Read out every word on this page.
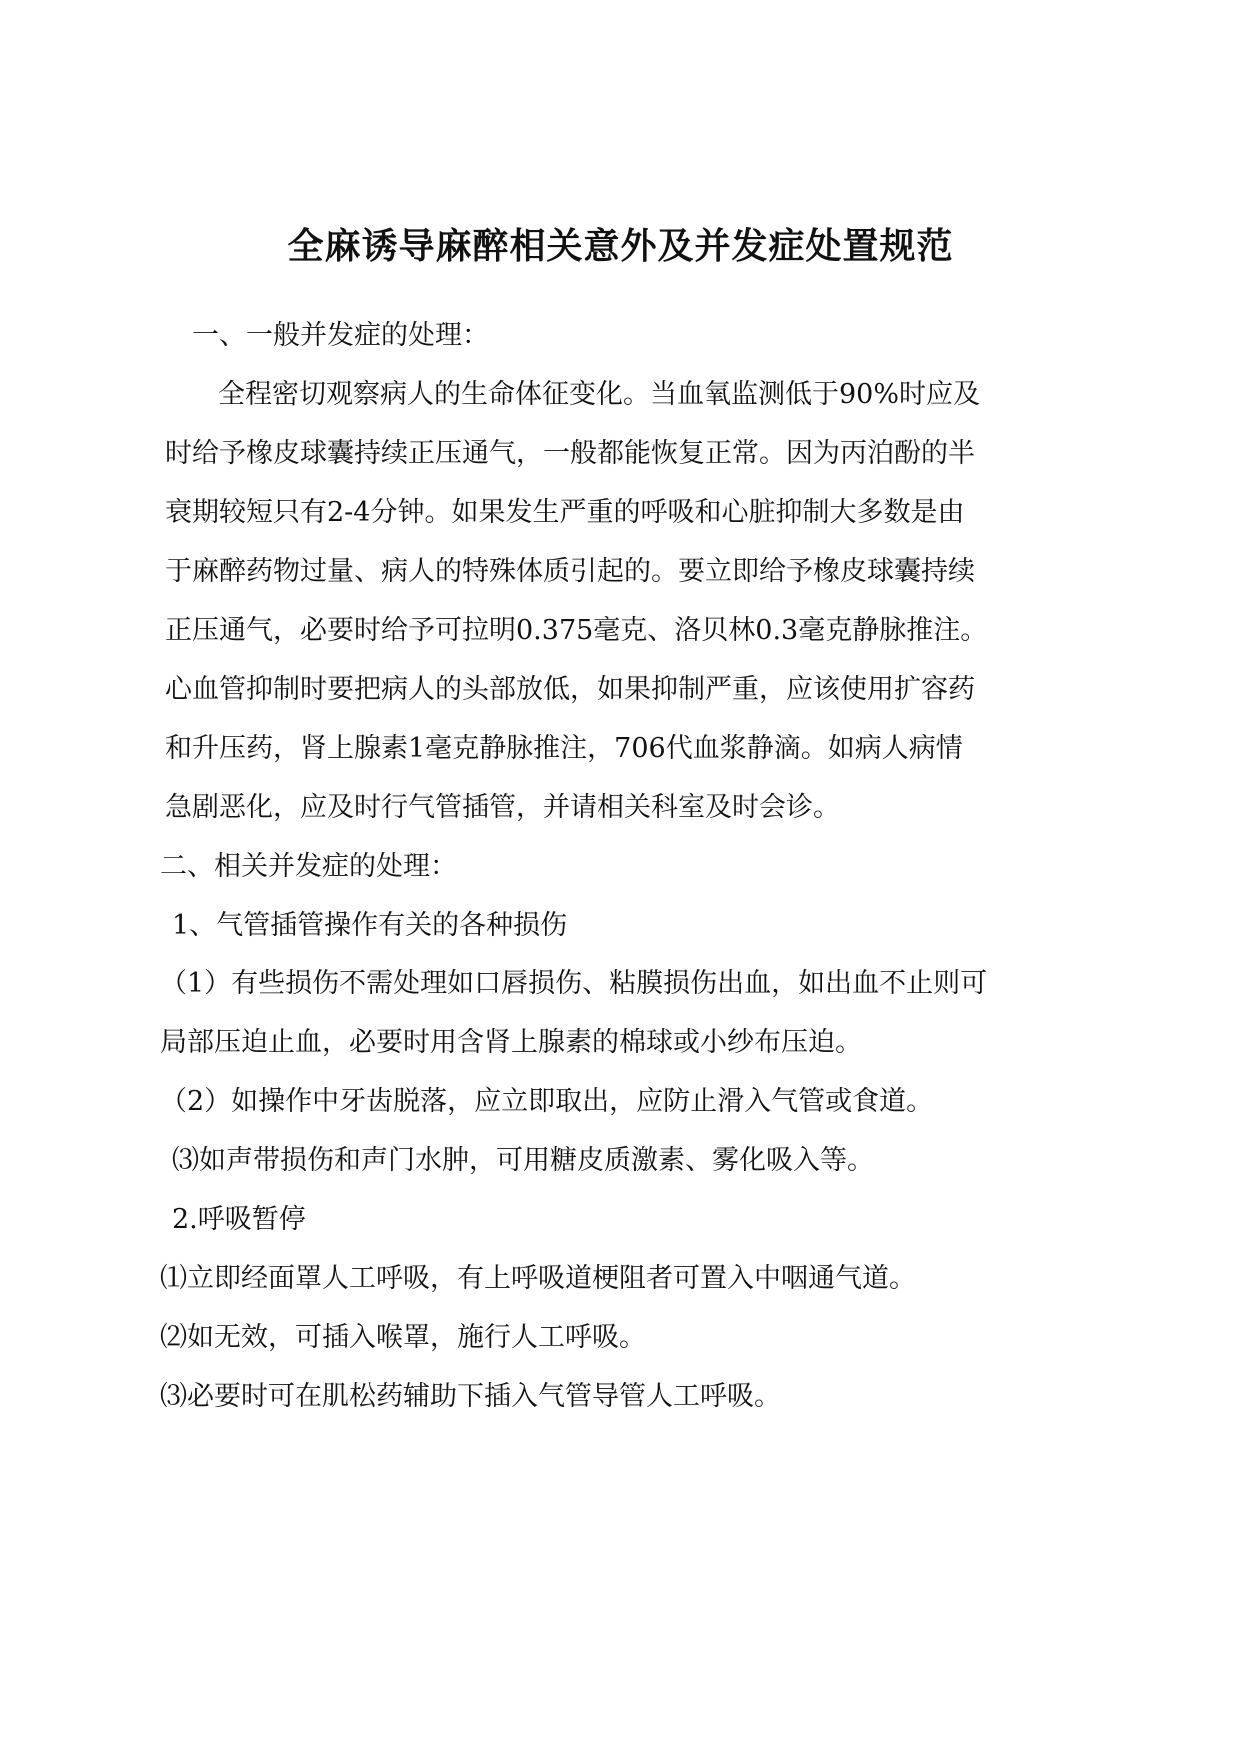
全麻诱导麻醉相关意外及并发症处置规范
一、一般并发症的处理：
全程密切观察病人的生命体征变化。当血氧监测低于90%时应及
时给予橡皮球囊持续正压通气，一般都能恢复正常。因为丙泊酚的半
衰期较短只有2-4分钟。如果发生严重的呼吸和心脏抑制大多数是由
于麻醉药物过量、病人的特殊体质引起的。要立即给予橡皮球囊持续
正压通气，必要时给予可拉明0.375毫克、洛贝林0.3毫克静脉推注。
心血管抑制时要把病人的头部放低，如果抑制严重，应该使用扩容药
和升压药，肾上腺素1毫克静脉推注，706代血浆静滴。如病人病情
急剧恶化，应及时行气管插管，并请相关科室及时会诊。
二、相关并发症的处理：
1、气管插管操作有关的各种损伤
（1）有些损伤不需处理如口唇损伤、粘膜损伤出血，如出血不止则可
局部压迫止血，必要时用含肾上腺素的棉球或小纱布压迫。
（2）如操作中牙齿脱落，应立即取出，应防止滑入气管或食道。
⑶如声带损伤和声门水肿，可用糖皮质激素、雾化吸入等。
2.呼吸暂停
⑴立即经面罩人工呼吸，有上呼吸道梗阻者可置入中咽通气道。
⑵如无效，可插入喉罩，施行人工呼吸。
⑶必要时可在肌松药辅助下插入气管导管人工呼吸。
